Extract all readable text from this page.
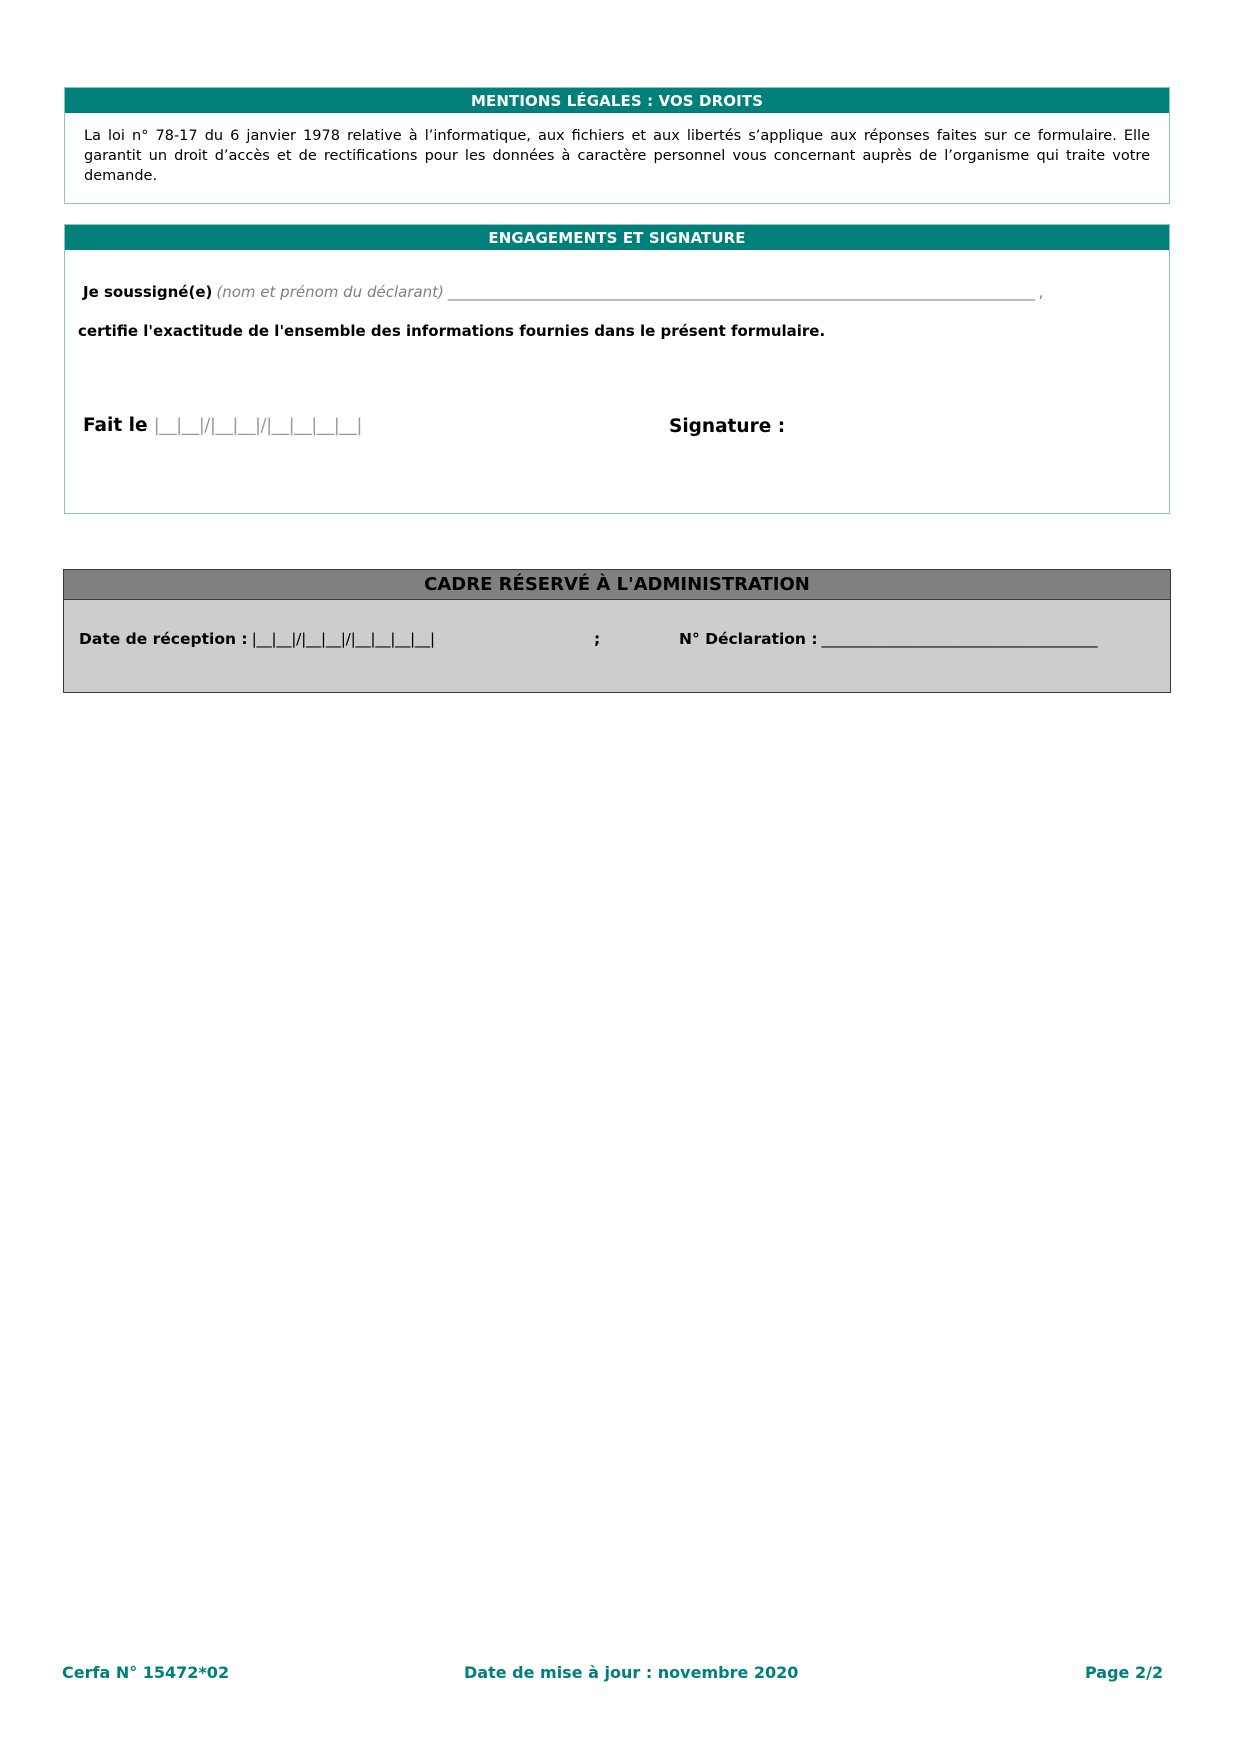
MENTIONS LÉGALES : VOS DROITS
La loi n° 78-17 du 6 janvier 1978 relative à l’informatique, aux fichiers et aux libertés s’applique aux réponses faites sur ce formulaire. Elle garantit un droit d’accès et de rectifications pour les données à caractère personnel vous concernant auprès de l’organisme qui traite votre demande.
ENGAGEMENTS ET SIGNATURE
Je soussigné(e) (nom et prénom du déclarant) _____________________________________________________________________________________ ,
certifie l'exactitude de l'ensemble des informations fournies dans le présent formulaire.
Fait le |__|__|/|__|__|/|__|__|__|__|	Signature :
CADRE RÉSERVÉ À L'ADMINISTRATION
Date de réception : |__|__|/|__|__|/|__|__|__|__|	;	N° Déclaration : ______________________________________
Cerfa N° 15472*02	Date de mise à jour : novembre 2020	Page 2/2
